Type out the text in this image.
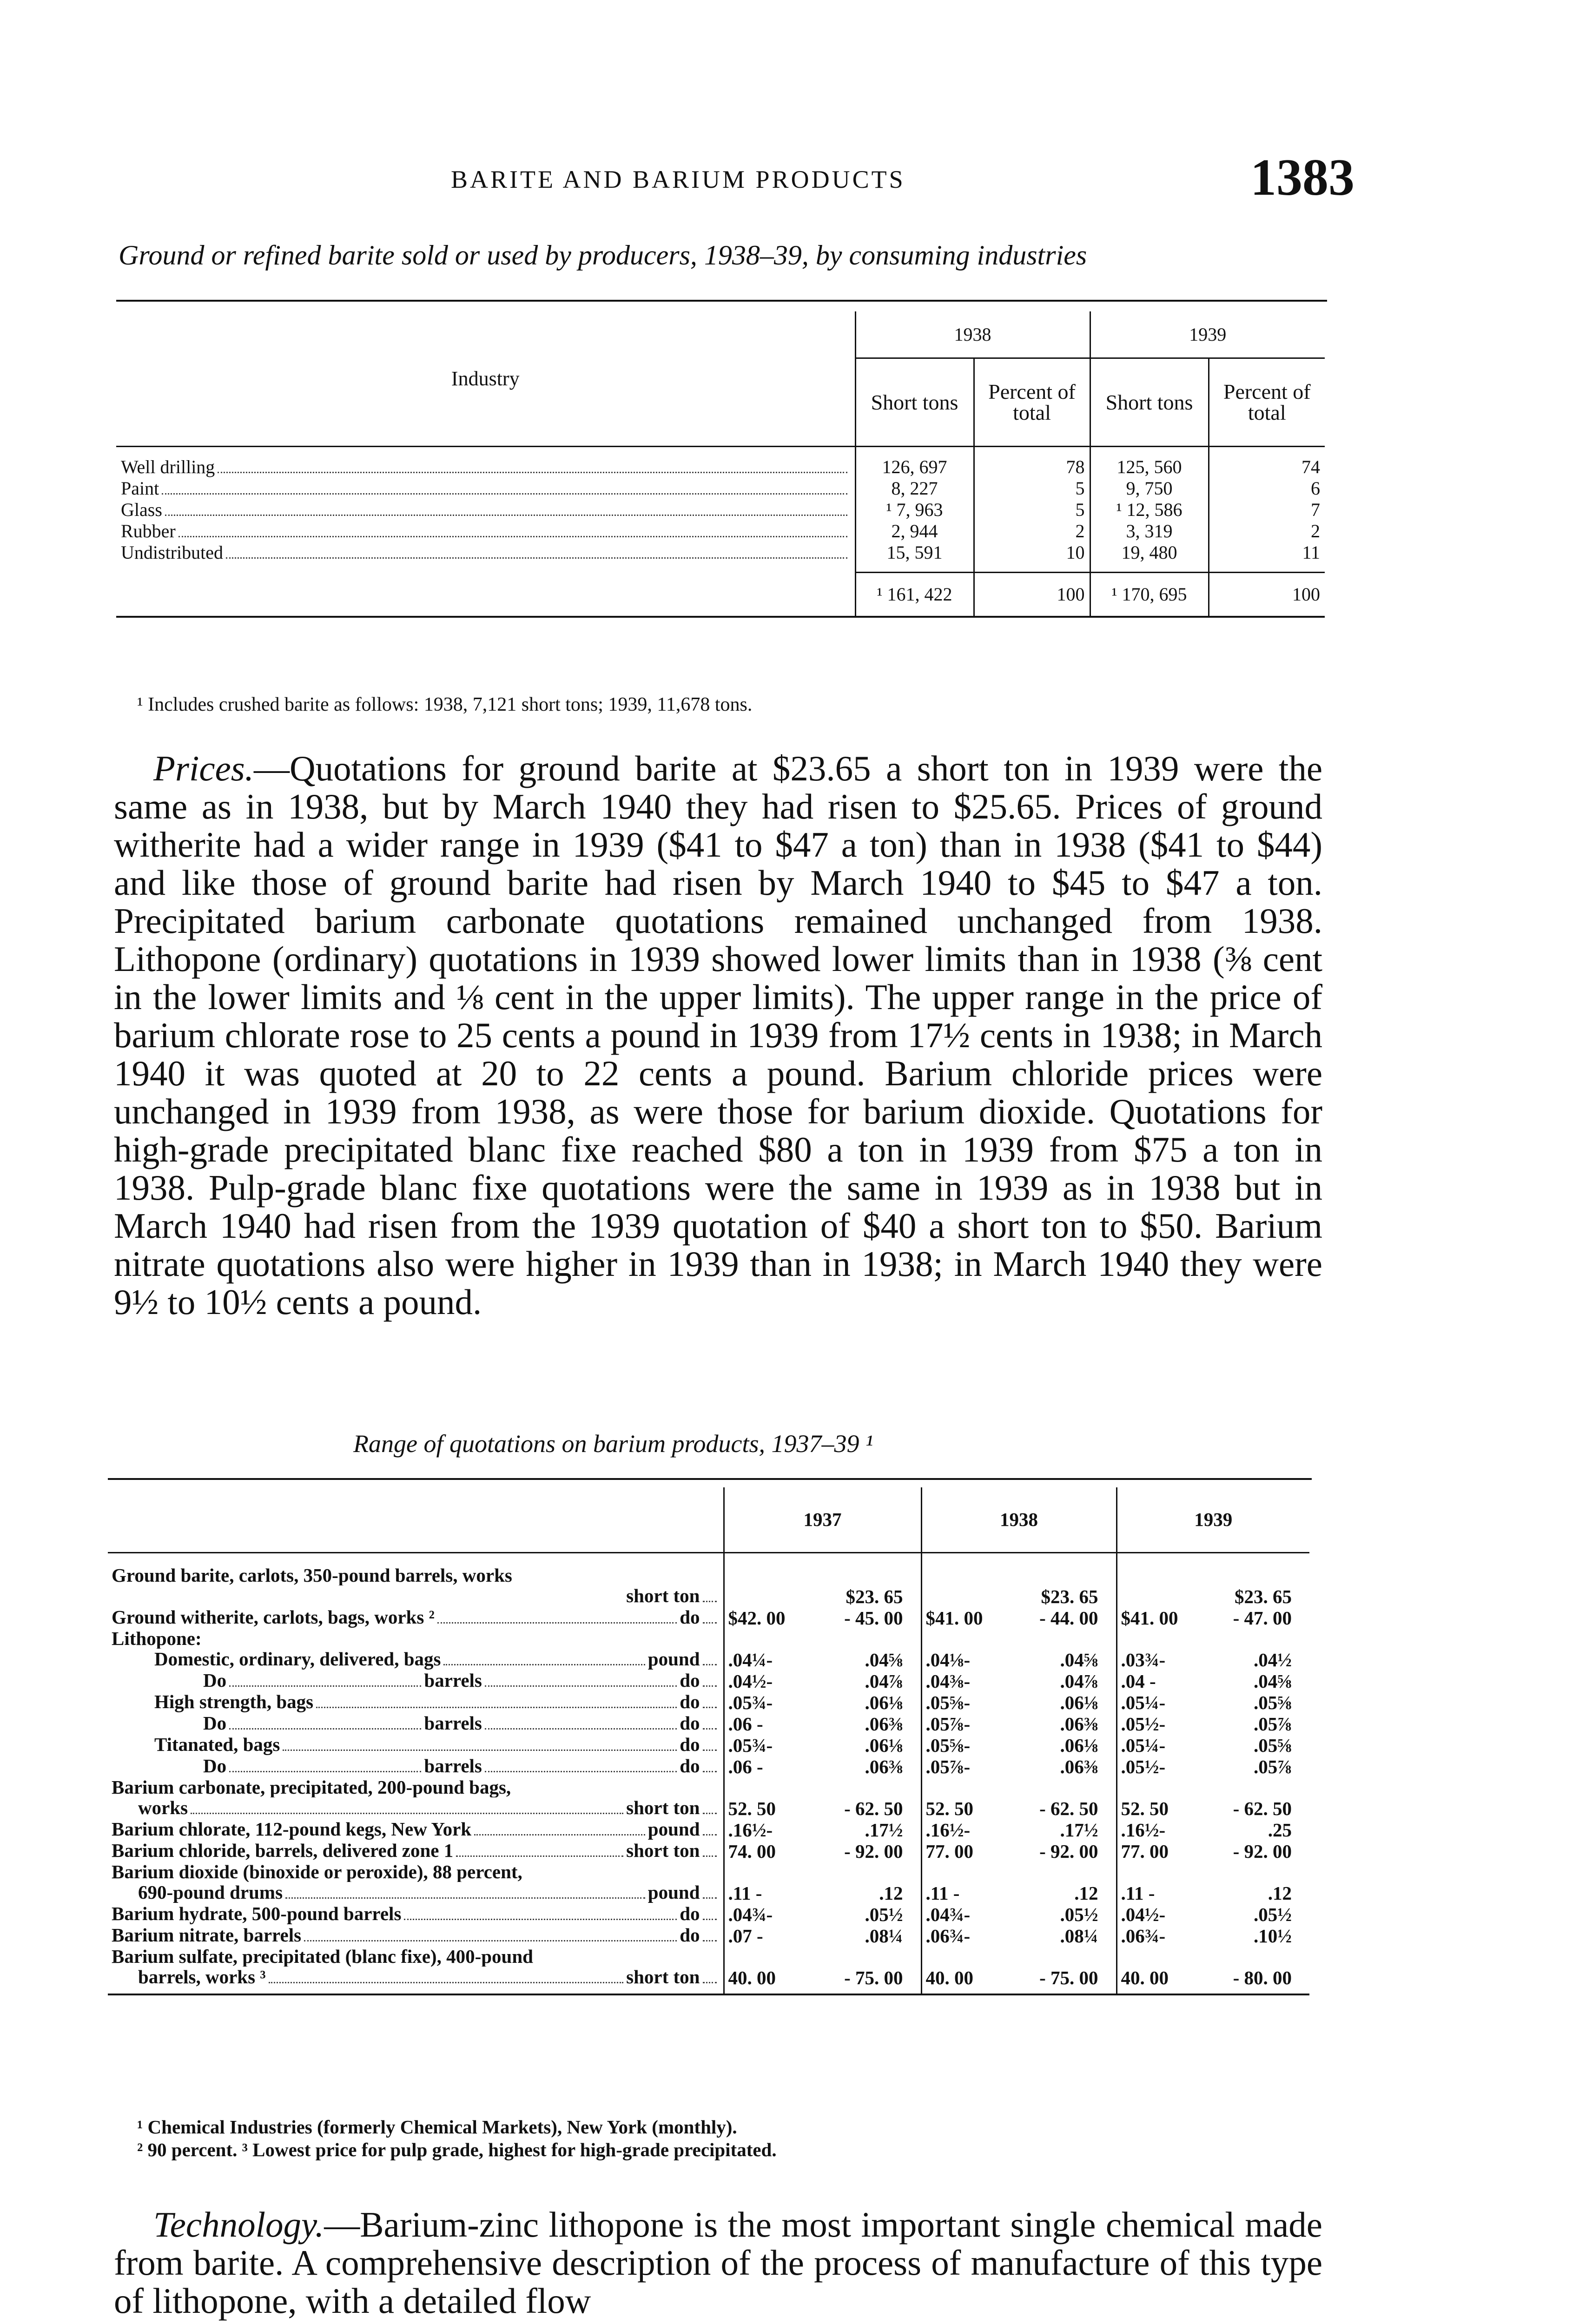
BARITE AND BARIUM PRODUCTS	1383
Ground or refined barite sold or used by producers, 1938–39, by consuming industries
Industry	1938		1939	
	Short tons	Percent of total	Short tons	Percent of total

Well drilling	126, 697	78	125, 560	74

Paint	8, 227	5	9, 750	6

Glass	¹ 7, 963	5	¹ 12, 586	7

Rubber	2, 944	2	3, 319	2

Undistributed	15, 591	10	19, 480	11

	¹ 161, 422	100	¹ 170, 695	100
¹ Includes crushed barite as follows: 1938, 7,121 short tons; 1939, 11,678 tons.
Prices.—Quotations for ground barite at $23.65 a short ton in 1939 were the same as in 1938, but by March 1940 they had risen to $25.65. Prices of ground witherite had a wider range in 1939 ($41 to $47 a ton) than in 1938 ($41 to $44) and like those of ground barite had risen by March 1940 to $45 to $47 a ton. Precipitated barium carbonate quotations remained unchanged from 1938. Lithopone (ordinary) quotations in 1939 showed lower limits than in 1938 (⅜ cent in the lower limits and ⅛ cent in the upper limits). The upper range in the price of barium chlorate rose to 25 cents a pound in 1939 from 17½ cents in 1938; in March 1940 it was quoted at 20 to 22 cents a pound. Barium chloride prices were unchanged in 1939 from 1938, as were those for barium dioxide. Quotations for high-grade precipitated blanc fixe reached $80 a ton in 1939 from $75 a ton in 1938. Pulp-grade blanc fixe quotations were the same in 1939 as in 1938 but in March 1940 had risen from the 1939 quotation of $40 a short ton to $50. Barium nitrate quotations also were higher in 1939 than in 1938; in March 1940 they were 9½ to 10½ cents a pound.
Range of quotations on barium products, 1937–39 ¹
	1937	1938	1939

Ground barite, carlots, 350-pound barrels, works			

short ton	$23. 65	$23. 65	$23. 65

Ground witherite, carlots, bags, works ² do	$42. 00 - 45. 00	$41. 00 - 44. 00	$41. 00 - 47. 00

Lithopone:			

Domestic, ordinary, delivered, bags pound	.04¼- .04⅝	.04⅛- .04⅝	.03¾- .04½

Do barrels do	.04½- .04⅞	.04⅜- .04⅞	.04 - .04⅝

High strength, bags do	.05¾- .06⅛	.05⅝- .06⅛	.05¼- .05⅝

Do barrels do	.06 - .06⅜	.05⅞- .06⅜	.05½- .05⅞

Titanated, bags do	.05¾- .06⅛	.05⅝- .06⅛	.05¼- .05⅝

Do barrels do	.06 - .06⅜	.05⅞- .06⅜	.05½- .05⅞

Barium carbonate, precipitated, 200-pound bags,			

works short ton	52. 50 - 62. 50	52. 50 - 62. 50	52. 50 - 62. 50

Barium chlorate, 112-pound kegs, New York pound	.16½- .17½	.16½- .17½	.16½- .25

Barium chloride, barrels, delivered zone 1 short ton	74. 00 - 92. 00	77. 00 - 92. 00	77. 00 - 92. 00

Barium dioxide (binoxide or peroxide), 88 percent,			

690-pound drums pound	.11 - .12	.11 - .12	.11 - .12

Barium hydrate, 500-pound barrels do	.04¾- .05½	.04¾- .05½	.04½- .05½

Barium nitrate, barrels do	.07 - .08¼	.06¾- .08¼	.06¾- .10½

Barium sulfate, precipitated (blanc fixe), 400-pound			

barrels, works ³ short ton	40. 00 - 75. 00	40. 00 - 75. 00	40. 00 - 80. 00

¹ Chemical Industries (formerly Chemical Markets), New York (monthly).
² 90 percent. ³ Lowest price for pulp grade, highest for high-grade precipitated.
Technology.—Barium-zinc lithopone is the most important single chemical made from barite. A comprehensive description of the process of manufacture of this type of lithopone, with a detailed flow
